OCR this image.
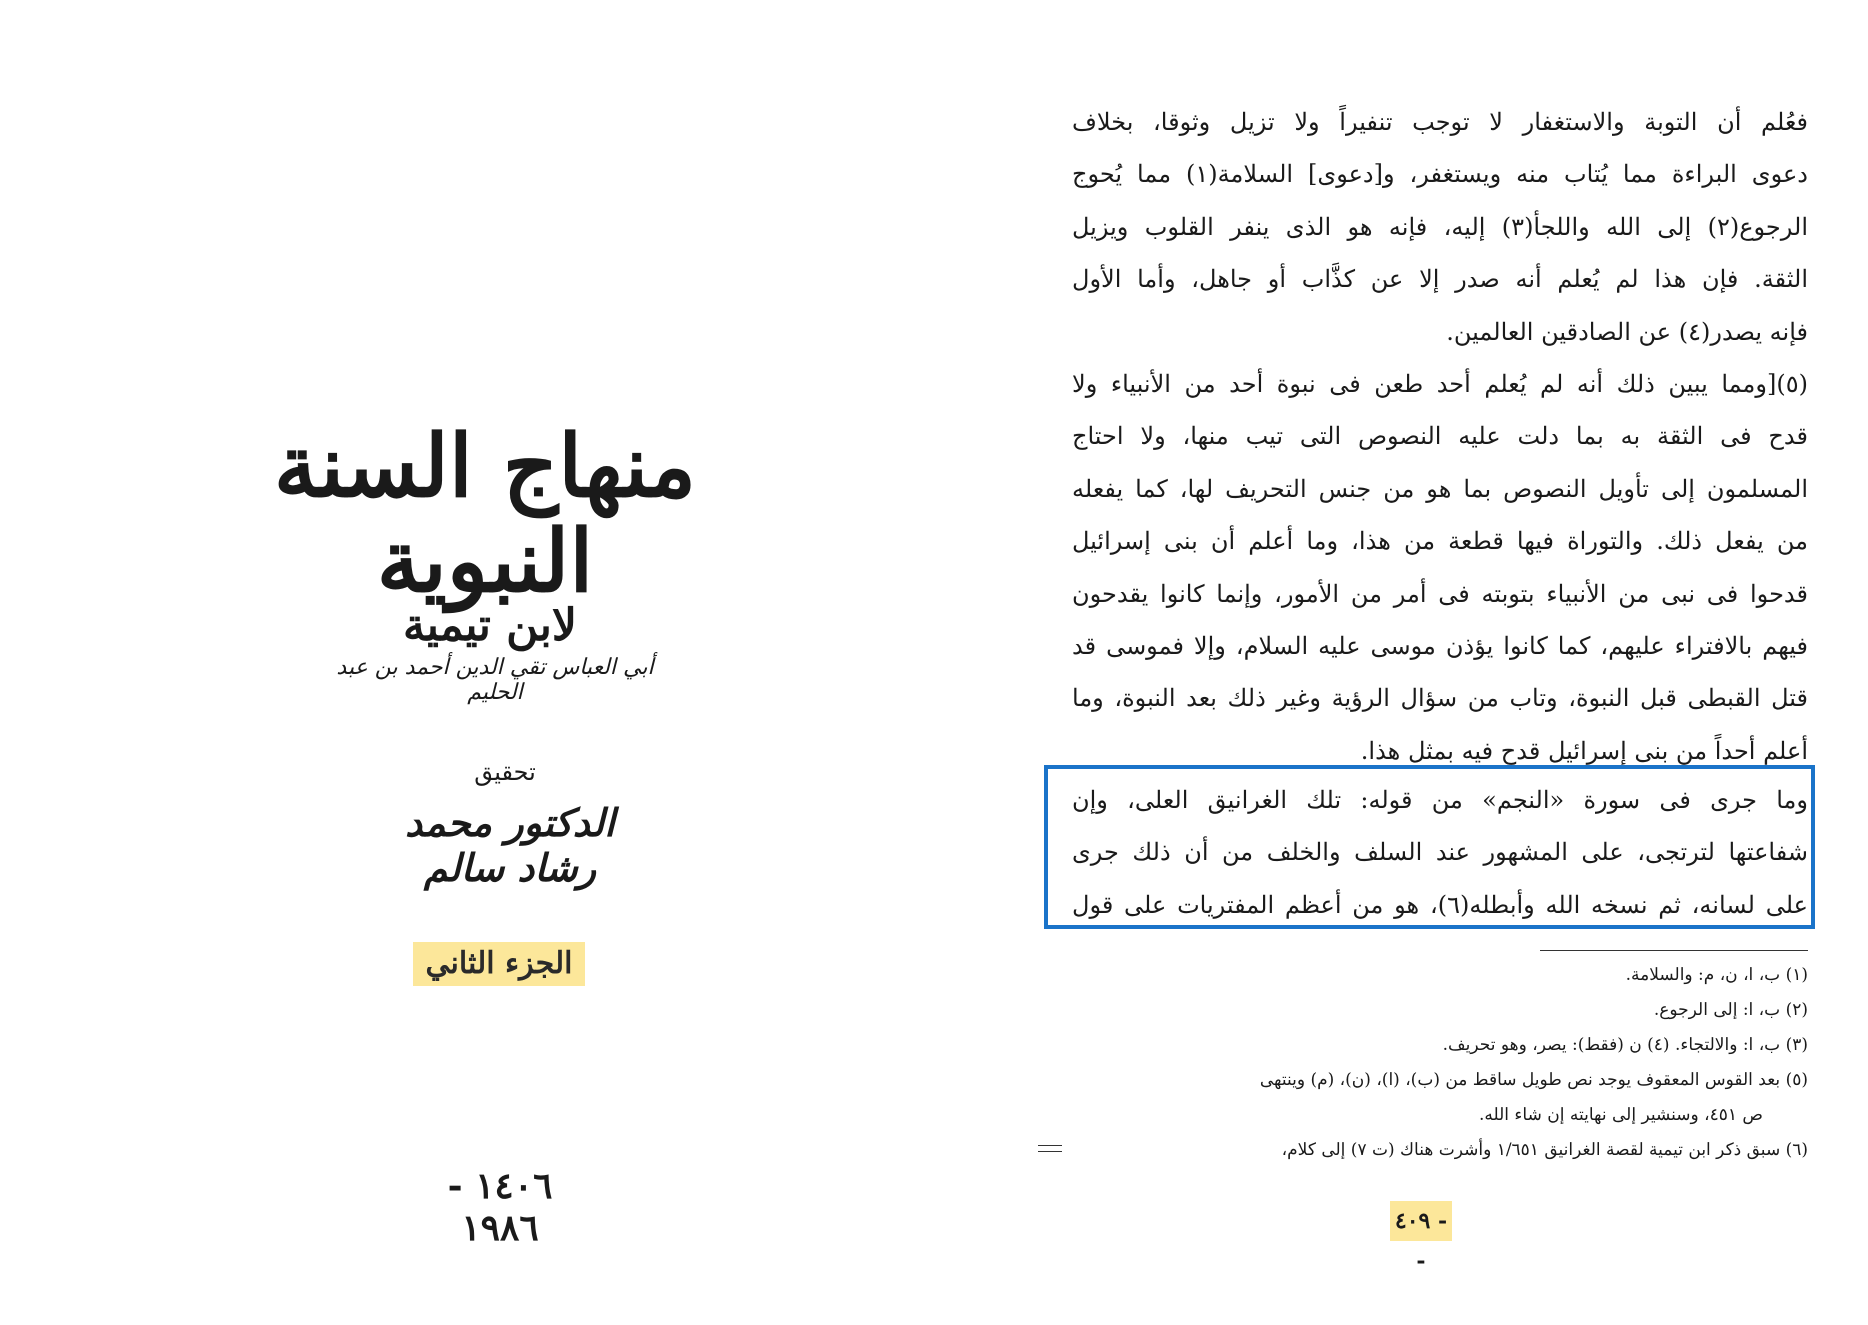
منهاج السنة النبوية
لابن تيمية
أبي العباس تقي الدين أحمد بن عبد الحليم
تحقيق
الدكتور محمد رشاد سالم
الجزء الثاني
١٤٠٦ - ١٩٨٦
فعُلم أن التوبة والاستغفار لا توجب تنفيراً ولا تزيل وثوقا، بخلاف
دعوى البراءة مما يُتاب منه ويستغفر، و[دعوى] السلامة(١) مما يُحوج
الرجوع(٢) إلى الله واللجأ(٣) إليه، فإنه هو الذى ينفر القلوب ويزيل
الثقة. فإن هذا لم يُعلم أنه صدر إلا عن كذَّاب أو جاهل، وأما الأول
فإنه يصدر(٤) عن الصادقين العالمين.
(٥)[ومما يبين ذلك أنه لم يُعلم أحد طعن فى نبوة أحد من الأنبياء ولا
قدح فى الثقة به بما دلت عليه النصوص التى تيب منها، ولا احتاج
المسلمون إلى تأويل النصوص بما هو من جنس التحريف لها، كما يفعله
من يفعل ذلك. والتوراة فيها قطعة من هذا، وما أعلم أن بنى إسرائيل
قدحوا فى نبى من الأنبياء بتوبته فى أمر من الأمور، وإنما كانوا يقدحون
فيهم بالافتراء عليهم، كما كانوا يؤذن موسى عليه السلام، وإلا فموسى قد
قتل القبطى قبل النبوة، وتاب من سؤال الرؤية وغير ذلك بعد النبوة، وما
أعلم أحداً من بنى إسرائيل قدح فيه بمثل هذا.
وما جرى فى سورة «النجم» من قوله: تلك الغرانيق العلى، وإن
شفاعتها لترتجى، على المشهور عند السلف والخلف من أن ذلك جرى
على لسانه، ثم نسخه الله وأبطله(٦)، هو من أعظم المفتريات على قول
(١) ب، ا، ن، م: والسلامة.
(٢) ب، ا: إلى الرجوع.
(٣) ب، ا: والالتجاء. (٤) ن (فقط): يصر، وهو تحريف.
(٥) بعد القوس المعقوف يوجد نص طويل ساقط من (ب)، (ا)، (ن)، (م) وينتهى
ص ٤٥١، وسنشير إلى نهايته إن شاء الله.
(٦) سبق ذكر ابن تيمية لقصة الغرانيق ١/٦٥١ وأشرت هناك (ت ٧) إلى كلام،
- ٤٠٩ -
